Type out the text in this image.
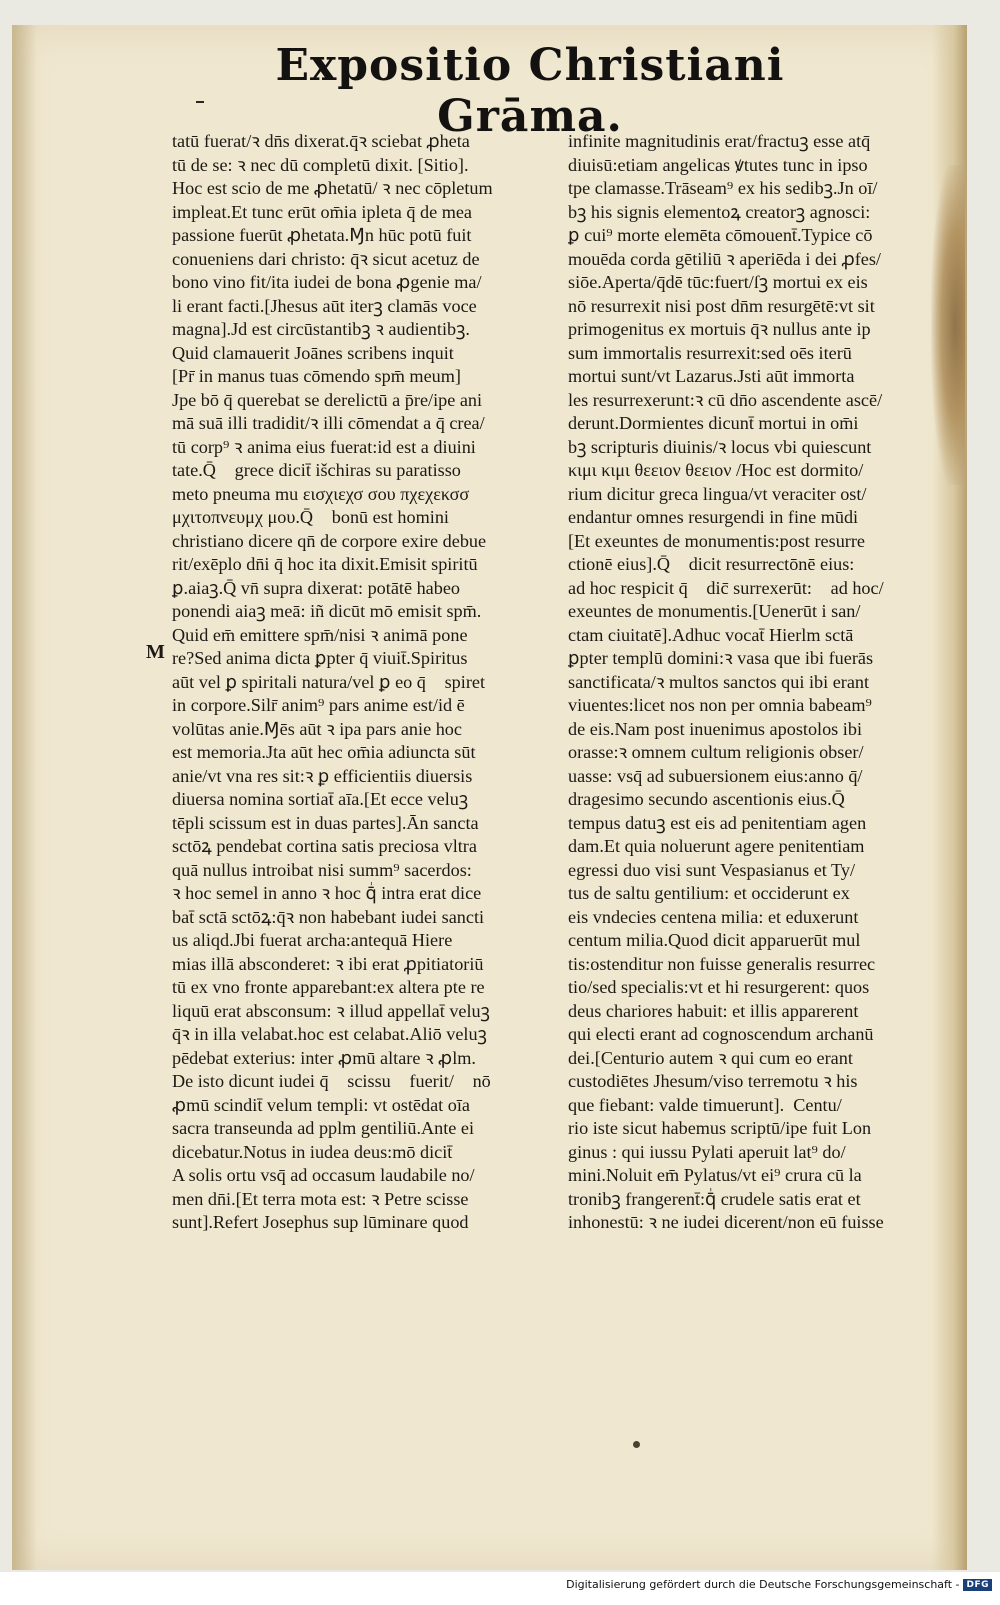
Expositio Christiani Grāma.
M
tatū fuerat/ꝛ dn̄s dixerat.q̄ꝛ sciebat ꝓheta
tū de se: ꝛ nec dū completū dixit. [Sitio].
Hoc est scio de me ꝓhetatū/ ꝛ nec cōpletum
impleat.Et tunc erūt om̄ia ipleta q̄ de mea
passione fuerūt ꝓhetata.Ɱn hūc potū fuit
conueniens dari christo: q̄ꝛ sicut acetuz de
bono vino fit/ita iudei de bona ꝓgenie ma/
li erant facti.[Jhesus aūt iterꝫ clamās voce
magna].Jd est circūstantibꝫ ꝛ audientibꝫ.
Quid clamauerit Joānes scribens inquit
[Pr̄ in manus tuas cōmendo spm̄ meum]
Jpe bō q̄ querebat se derelictū a p̄re/ipe ani
mā suā illi tradidit/ꝛ illi cōmendat a q̄ crea/
tū corp⁹ ꝛ anima eius fuerat:id est a diuini
tate.Q̄ᷝ grece dicit̄ išchiras su paratisso
meto pneuma mu εισχιεχσ σου πχεχεκσσ
μχιτοπνευμχ μου.Q̄ᷝ bonū est homini
christiano dicere qn̄ de corpore exire debue
rit/exēplo dn̄i q̄ hoc ita dixit.Emisit spiritū
ꝑ.aiaꝫ.Q̄ vn̄ supra dixerat: potātē habeo
ponendi aiaꝫ meā: iñ dicūt mō emisit spm̄.
Quid em̄ emittere spm̄/nisi ꝛ animā pone
re?Sed anima dicta ꝑpter q̄ viuit̄.Spiritus
aūt vel ꝑ spiritali natura/vel ꝑ eo q̄ᷝ spiret
in corpore.Silr̄ anim⁹ pars anime est/id ē
volūtas anie.Ɱēs aūt ꝛ ipa pars anie hoc
est memoria.Jta aūt hec om̄ia adiuncta sūt
anie/vt vna res sit:ꝛ ꝑ efficientiis diuersis
diuersa nomina sortiat̄ aīa.[Et ecce veluꝫ
tēpli scissum est in duas partes].Ān sancta
sctōꝝ pendebat cortina satis preciosa vltra
quā nullus introibat nisi summ⁹ sacerdos:
ꝛ hoc semel in anno ꝛ hoc q̄ᷝ intra erat dice
bat̄ sctā sctōꝝ:q̄ꝛ non habebant iudei sancti
us aliqd.Jbi fuerat archa:antequā Hiere
mias illā absconderet: ꝛ ibi erat ꝓpitiatoriū
tū ex vno fronte apparebant:ex altera pte re
liquū erat absconsum: ꝛ illud appellat̄ veluꝫ
q̄ꝛ in illa velabat.hoc est celabat.Aliō veluꝫ
pēdebat exterius: inter ꝓmū altare ꝛ ꝓlm.
De isto dicunt iudei q̄ᷝ scissuꝫ fuerit/ꝛ nō
ꝓmū scindit̄ velum templi: vt ostēdat oīa
sacra transeunda ad pplm gentiliū.Ante ei
dicebatur.Notus in iudea deus:mō dicit̄
A solis ortu vsq̄ ad occasum laudabile no/
men dn̄i.[Et terra mota est: ꝛ Petre scisse
sunt].Refert Josephus sup lūminare quod
infinite magnitudinis erat/fractuꝫ esse atq̄
diuisū:etiam angelicas ꝟtutes tunc in ipso
tpe clamasse.Trāseam⁹ ex his sedibꝫ.Jn oī/
bꝫ his signis elementoꝝ creatorꝫ agnosci:
ꝑ cui⁹ morte elemēta cōmouent̄.Typice cō
mouēda corda gētiliū ꝛ aperiēda i dei ꝓfes/
siōe.Aperta/q̄dē tūc:fuert/ſꝫ mortui ex eis
nō resurrexit nisi post dn̄m resurgētē:vt sit
primogenitus ex mortuis q̄ꝛ nullus ante ip
sum immortalis resurrexit:sed oēs iterū
mortui sunt/vt Lazarus.Jsti aūt immorta
les resurrexerunt:ꝛ cū dn̄o ascendente ascē/
derunt.Dormientes dicunt̄ mortui in om̄i
bꝫ scripturis diuinis/ꝛ locus vbi quiescunt
κιμι κιμι θεειον θεειον /Hoc est dormito/
rium dicitur greca lingua/vt veraciter ost/
endantur omnes resurgendi in fine mūdi
[Et exeuntes de monumentis:post resurre
ctionē eius].Q̄ᷝ dicit resurrectōnē eius:ꝛ
ad hoc respicit q̄ᷝ dic̄ surrexerūt:ꝛ ad hoc/
exeuntes de monumentis.[Uenerūt i san/
ctam ciuitatē].Adhuc vocat̄ Hierlm sctā
ꝑpter templū domini:ꝛ vasa que ibi fuerās
sanctificata/ꝛ multos sanctos qui ibi erant
viuentes:licet nos non per omnia babeam⁹
de eis.Nam post inuenimus apostolos ibi
orasse:ꝛ omnem cultum religionis obser/
uasse: vsq̄ ad subuersionem eius:anno q̄/
dragesimo secundo ascentionis eius.Q̄ᷝ
tempus datuꝫ est eis ad penitentiam agen
dam.Et quia noluerunt agere penitentiam
egressi duo visi sunt Vespasianus et Ty/
tus de saltu gentilium: et occiderunt ex
eis vndecies centena milia: et eduxerunt
centum milia.Quod dicit apparuerūt mul
tis:ostenditur non fuisse generalis resurrec
tio/sed specialis:vt et hi resurgerent: quos
deus chariores habuit: et illis apparerent
qui electi erant ad cognoscendum archanū
dei.[Centurio autem ꝛ qui cum eo erant
custodiētes Jhesum/viso terremotu ꝛ his
que fiebant: valde timuerunt].  Centu/
rio iste sicut habemus scriptū/ipe fuit Lon
ginus : qui iussu Pylati aperuit lat⁹ do/
mini.Noluit em̄ Pylatus/vt ei⁹ crura cū la
tronibꝫ frangerent̄:q̄ᷝ crudele satis erat et
inhonestū: ꝛ ne iudei dicerent/non eū fuisse
Digitalisierung gefördert durch die Deutsche Forschungsgemeinschaft - DFG
